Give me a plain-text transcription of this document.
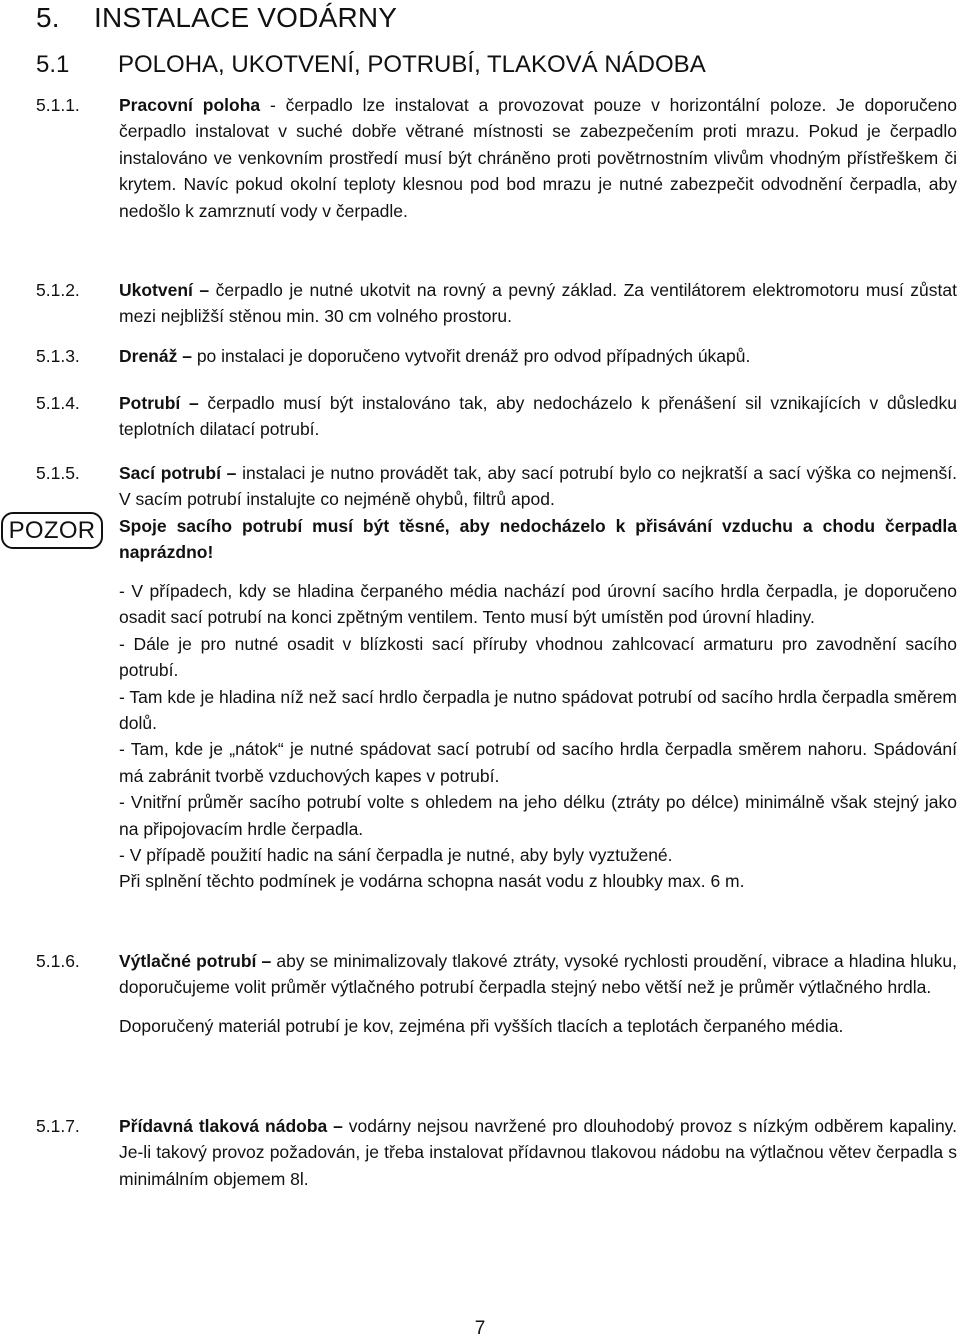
5. INSTALACE VODÁRNY
5.1 POLOHA, UKOTVENÍ, POTRUBÍ, TLAKOVÁ NÁDOBA
5.1.1. Pracovní poloha - čerpadlo lze instalovat a provozovat pouze v horizontální poloze. Je doporučeno čerpadlo instalovat v suché dobře větrané místnosti se zabezpečením proti mrazu. Pokud je čerpadlo instalováno ve venkovním prostředí musí být chráněno proti povětrnostním vlivům vhodným přístřeškem či krytem. Navíc pokud okolní teploty klesnou pod bod mrazu je nutné zabezpečit odvodnění čerpadla, aby nedošlo k zamrznutí vody v čerpadle.
5.1.2. Ukotvení – čerpadlo je nutné ukotvit na rovný a pevný základ. Za ventilátorem elektromotoru musí zůstat mezi nejbližší stěnou min. 30 cm volného prostoru.
5.1.3. Drenáž – po instalaci je doporučeno vytvořit drenáž pro odvod případných úkapů.
5.1.4. Potrubí – čerpadlo musí být instalováno tak, aby nedocházelo k přenášení sil vznikajících v důsledku teplotních dilatací potrubí.
5.1.5. Sací potrubí – instalaci je nutno provádět tak, aby sací potrubí bylo co nejkratší a sací výška co nejmenší. V sacím potrubí instalujte co nejméně ohybů, filtrů apod.
POZOR	Spoje sacího potrubí musí být těsné, aby nedocházelo k přisávání vzduchu a chodu čerpadla naprázdno!

- V případech, kdy se hladina čerpaného média nachází pod úrovní sacího hrdla čerpadla, je doporučeno osadit sací potrubí na konci zpětným ventilem. Tento musí být umístěn pod úrovní hladiny.

- Dále je pro nutné osadit v blízkosti sací příruby vhodnou zahlcovací armaturu pro zavodnění sacího potrubí.

- Tam kde je hladina níž než sací hrdlo čerpadla je nutno spádovat potrubí od sacího hrdla čerpadla směrem dolů.

- Tam, kde je „nátok“ je nutné spádovat sací potrubí od sacího hrdla čerpadla směrem nahoru. Spádování má zabránit tvorbě vzduchových kapes v potrubí.

- Vnitřní průměr sacího potrubí volte s ohledem na jeho délku (ztráty po délce) minimálně však stejný jako na připojovacím hrdle čerpadla.

- V případě použití hadic na sání čerpadla je nutné, aby byly vyztužené.

Při splnění těchto podmínek je vodárna schopna nasát vodu z hloubky max. 6 m.

5.1.6. Výtlačné potrubí – aby se minimalizovaly tlakové ztráty, vysoké rychlosti proudění, vibrace a hladina hluku, doporučujeme volit průměr výtlačného potrubí čerpadla stejný nebo větší než je průměr výtlačného hrdla.

Doporučený materiál potrubí je kov, zejména při vyšších tlacích a teplotách čerpaného média.

5.1.7. Přídavná tlaková nádoba – vodárny nejsou navržené pro dlouhodobý provoz s nízkým odběrem kapaliny. Je-li takový provoz požadován, je třeba instalovat přídavnou tlakovou nádobu na výtlačnou větev čerpadla s minimálním objemem 8l.
7
